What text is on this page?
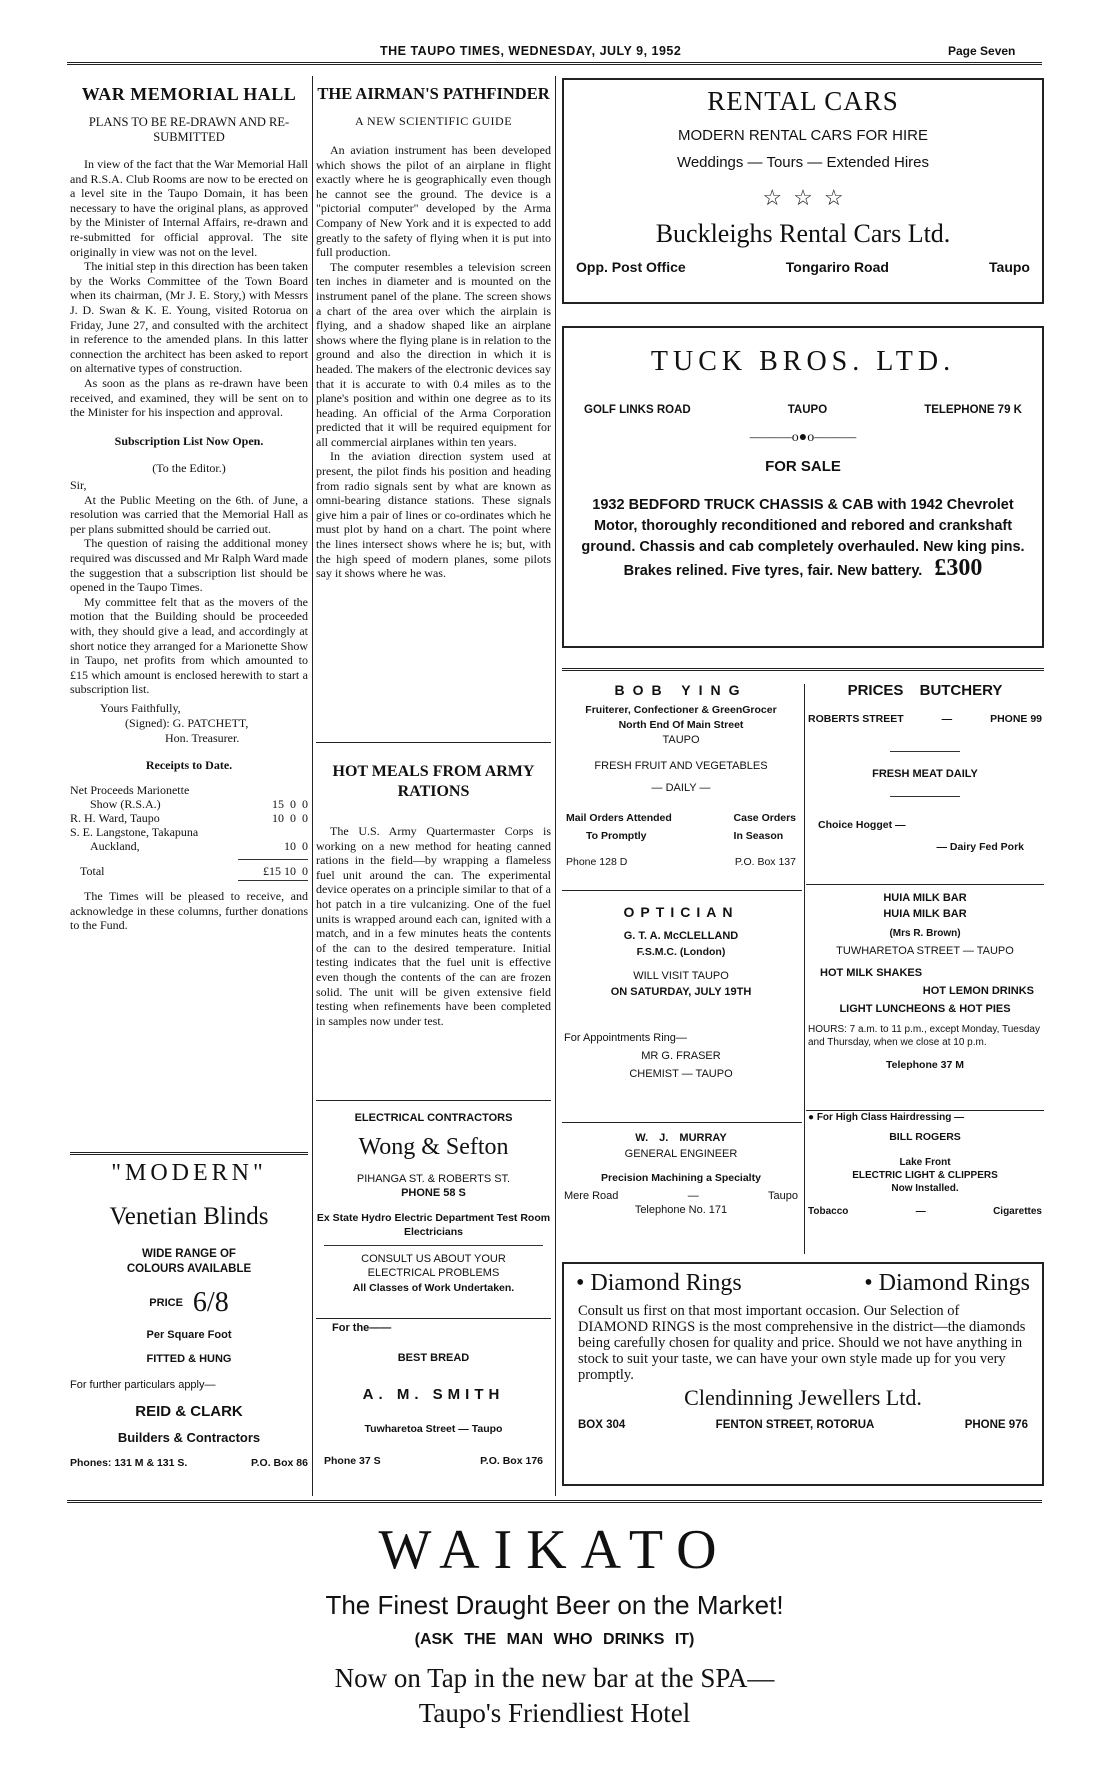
THE TAUPO TIMES, WEDNESDAY, JULY 9, 1952	Page Seven
WAR MEMORIAL HALL
PLANS TO BE RE-DRAWN AND RE-SUBMITTED

In view of the fact that the War Memorial Hall and R.S.A. Club Rooms are now to be erected on a level site in the Taupo Domain, it has been necessary to have the original plans, as approved by the Minister of Internal Affairs, re-drawn and re-submitted for official approval. The site originally in view was not on the level.

The initial step in this direction has been taken by the Works Committee of the Town Board when its chairman, (Mr J. E. Story,) with Messrs J. D. Swan & K. E. Young, visited Rotorua on Friday, June 27, and consulted with the architect in reference to the amended plans. In this latter connection the architect has been asked to report on alternative types of construction.

As soon as the plans as re-drawn have been received, and examined, they will be sent on to the Minister for his inspection and approval.

Subscription List Now Open.
(To the Editor.)
Sir,

At the Public Meeting on the 6th. of June, a resolution was carried that the Memorial Hall as per plans submitted should be carried out.

The question of raising the additional money required was discussed and Mr Ralph Ward made the suggestion that a subscription list should be opened in the Taupo Times.

My committee felt that as the movers of the motion that the Building should be proceeded with, they should give a lead, and accordingly at short notice they arranged for a Marionette Show in Taupo, net profits from which amounted to £15 which amount is enclosed herewith to start a subscription list.

Yours Faithfully,
(Signed): G. PATCHETT,
Hon. Treasurer.
Receipts to Date.
Net Proceeds Marionette
Show (R.S.A.)	15  0  0
R. H. Ward, Taupo	10  0  0
S. E. Langstone, Takapuna
Auckland,	10  0
Total	£15 10  0

The Times will be pleased to receive, and acknowledge in these columns, further donations to the Fund.

"MODERN"
Venetian Blinds
WIDE RANGE OF COLOURS AVAILABLE
PRICE 6/8
Per Square Foot
FITTED & HUNG
For further particulars apply—
REID & CLARK
Builders & Contractors
Phones: 131 M & 131 S.	P.O. Box 86
THE AIRMAN'S PATHFINDER
A NEW SCIENTIFIC GUIDE

An aviation instrument has been developed which shows the pilot of an airplane in flight exactly where he is geographically even though he cannot see the ground. The device is a "pictorial computer" developed by the Arma Company of New York and it is expected to add greatly to the safety of flying when it is put into full production.

The computer resembles a television screen ten inches in diameter and is mounted on the instrument panel of the plane. The screen shows a chart of the area over which the airplain is flying, and a shadow shaped like an airplane shows where the flying plane is in relation to the ground and also the direction in which it is headed. The makers of the electronic devices say that it is accurate to with 0.4 miles as to the plane's position and within one degree as to its heading. An official of the Arma Corporation predicted that it will be required equipment for all commercial airplanes within ten years.

In the aviation direction system used at present, the pilot finds his position and heading from radio signals sent by what are known as omni-bearing distance stations. These signals give him a pair of lines or co-ordinates which he must plot by hand on a chart. The point where the lines intersect shows where he is; but, with the high speed of modern planes, some pilots say it shows where he was.

HOT MEALS FROM ARMY RATIONS

The U.S. Army Quartermaster Corps is working on a new method for heating canned rations in the field—by wrapping a flameless fuel unit around the can. The experimental device operates on a principle similar to that of a hot patch in a tire vulcanizing. One of the fuel units is wrapped around each can, ignited with a match, and in a few minutes heats the contents of the can to the desired temperature. Initial testing indicates that the fuel unit is effective even though the contents of the can are frozen solid. The unit will be given extensive field testing when refinements have been completed in samples now under test.

ELECTRICAL CONTRACTORS
Wong & Sefton
PIHANGA ST. & ROBERTS ST.
PHONE 58 S
Ex State Hydro Electric Department Test Room Electricians
CONSULT US ABOUT YOUR ELECTRICAL PROBLEMS
All Classes of Work Undertaken.
For the——
BEST BREAD
A. M. SMITH
Tuwharetoa Street — Taupo
Phone 37 S	P.O. Box 176
RENTAL CARS
MODERN RENTAL CARS FOR HIRE
Weddings — Tours — Extended Hires
☆  ☆  ☆
Buckleighs Rental Cars Ltd.
Opp. Post Office	Tongariro Road	Taupo
TUCK BROS. LTD.
GOLF LINKS ROAD	TAUPO	TELEPHONE 79 K
———o●o———
FOR SALE
1932 BEDFORD TRUCK CHASSIS & CAB with 1942 Chevrolet Motor, thoroughly reconditioned and rebored and crankshaft ground. Chassis and cab completely overhauled. New king pins. Brakes relined. Five tyres, fair. New battery. £300
BOB YING
Fruiterer, Confectioner & GreenGrocer
North End Of Main Street
TAUPO
FRESH FRUIT AND VEGETABLES
— DAILY —
Mail Orders Attended
To Promptly
Case Orders
In Season
Phone 128 D	P.O. Box 137
PRICES BUTCHERY
ROBERTS STREET	—	PHONE 99
FRESH MEAT DAILY
Choice Hogget —
— Dairy Fed Pork
OPTICIAN
G. T. A. McCLELLAND
F.S.M.C. (London)
WILL VISIT TAUPO
ON SATURDAY, JULY 19TH
For Appointments Ring—
MR G. FRASER
CHEMIST — TAUPO
HUIA MILK BAR
HUIA MILK BAR
(Mrs R. Brown)
TUWHARETOA STREET — TAUPO
HOT MILK SHAKES
HOT LEMON DRINKS
LIGHT LUNCHEONS & HOT PIES
HOURS: 7 a.m. to 11 p.m., except Monday, Tuesday and Thursday, when we close at 10 p.m.
Telephone 37 M
W. J. MURRAY
GENERAL ENGINEER
Precision Machining a Specialty
Mere Road	—	Taupo
Telephone No. 171
● For High Class Hairdressing —
BILL ROGERS
Lake Front
ELECTRIC LIGHT & CLIPPERS
Now Installed.
Tobacco	—	Cigarettes
• Diamond Rings	• Diamond Rings
Consult us first on that most important occasion. Our Selection of DIAMOND RINGS is the most comprehensive in the district—the diamonds being carefully chosen for quality and price. Should we not have anything in stock to suit your taste, we can have your own style made up for you very promptly.
Clendinning Jewellers Ltd.
BOX 304	FENTON STREET, ROTORUA	PHONE 976
WAIKATO
The Finest Draught Beer on the Market!
(ASK THE MAN WHO DRINKS IT)
Now on Tap in the new bar at the SPA—
Taupo's Friendliest Hotel
